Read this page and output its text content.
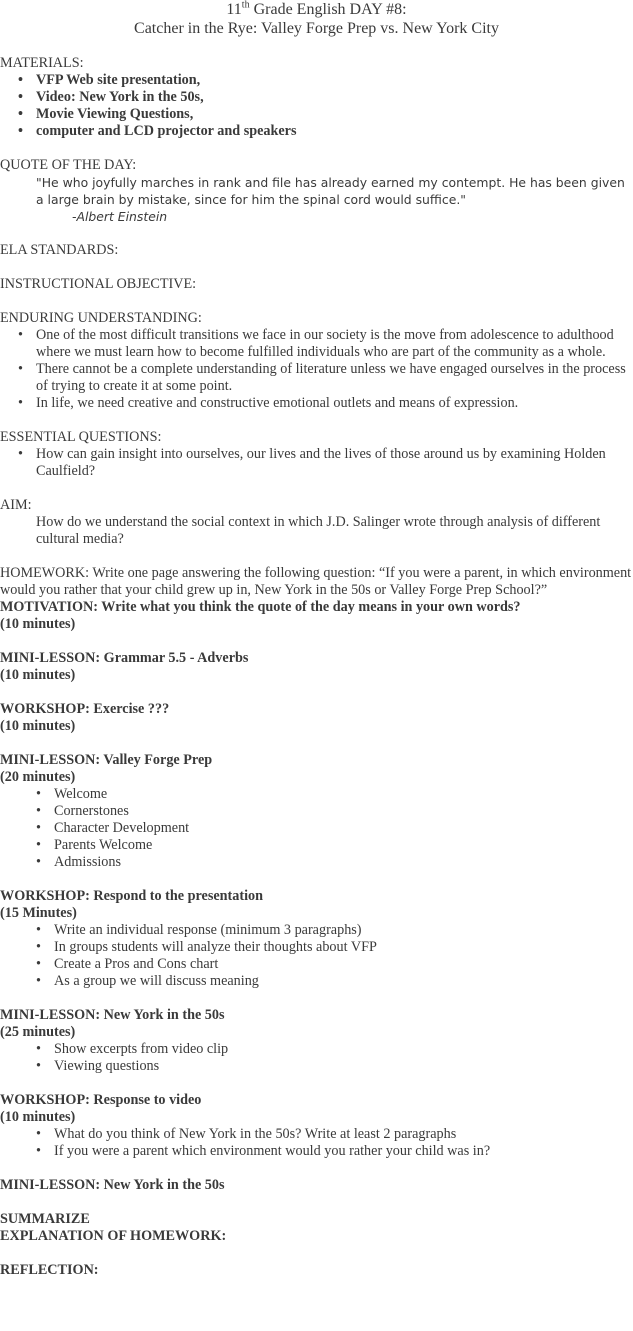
11th Grade English DAY #8:
Catcher in the Rye: Valley Forge Prep vs. New York City

MATERIALS:

• VFP Web site presentation,
• Video: New York in the 50s,
• Movie Viewing Questions,
• computer and LCD projector and speakers

QUOTE OF THE DAY:

"He who joyfully marches in rank and file has already earned my contempt. He has been given a large brain by mistake, since for him the spinal cord would suffice."
-Albert Einstein

ELA STANDARDS:

INSTRUCTIONAL OBJECTIVE:

ENDURING UNDERSTANDING:

• One of the most difficult transitions we face in our society is the move from adolescence to adulthood where we must learn how to become fulfilled individuals who are part of the community as a whole.
• There cannot be a complete understanding of literature unless we have engaged ourselves in the process of trying to create it at some point.
• In life, we need creative and constructive emotional outlets and means of expression.

ESSENTIAL QUESTIONS:

• How can gain insight into ourselves, our lives and the lives of those around us by examining Holden Caulfield?

AIM:

How do we understand the social context in which J.D. Salinger wrote through analysis of different cultural media?

HOMEWORK: Write one page answering the following question: “If you were a parent, in which environment would you rather that your child grew up in, New York in the 50s or Valley Forge Prep School?”

MOTIVATION: Write what you think the quote of the day means in your own words?

(10 minutes)

MINI-LESSON: Grammar 5.5 - Adverbs

(10 minutes)

WORKSHOP: Exercise ???

(10 minutes)

MINI-LESSON: Valley Forge Prep

(20 minutes)

• Welcome
• Cornerstones
• Character Development
• Parents Welcome
• Admissions

WORKSHOP: Respond to the presentation

(15 Minutes)

• Write an individual response (minimum 3 paragraphs)
• In groups students will analyze their thoughts about VFP
• Create a Pros and Cons chart
• As a group we will discuss meaning

MINI-LESSON: New York in the 50s

(25 minutes)

• Show excerpts from video clip
• Viewing questions

WORKSHOP: Response to video

(10 minutes)

• What do you think of New York in the 50s? Write at least 2 paragraphs
• If you were a parent which environment would you rather your child was in?

MINI-LESSON: New York in the 50s

SUMMARIZE

EXPLANATION OF HOMEWORK:

REFLECTION:
